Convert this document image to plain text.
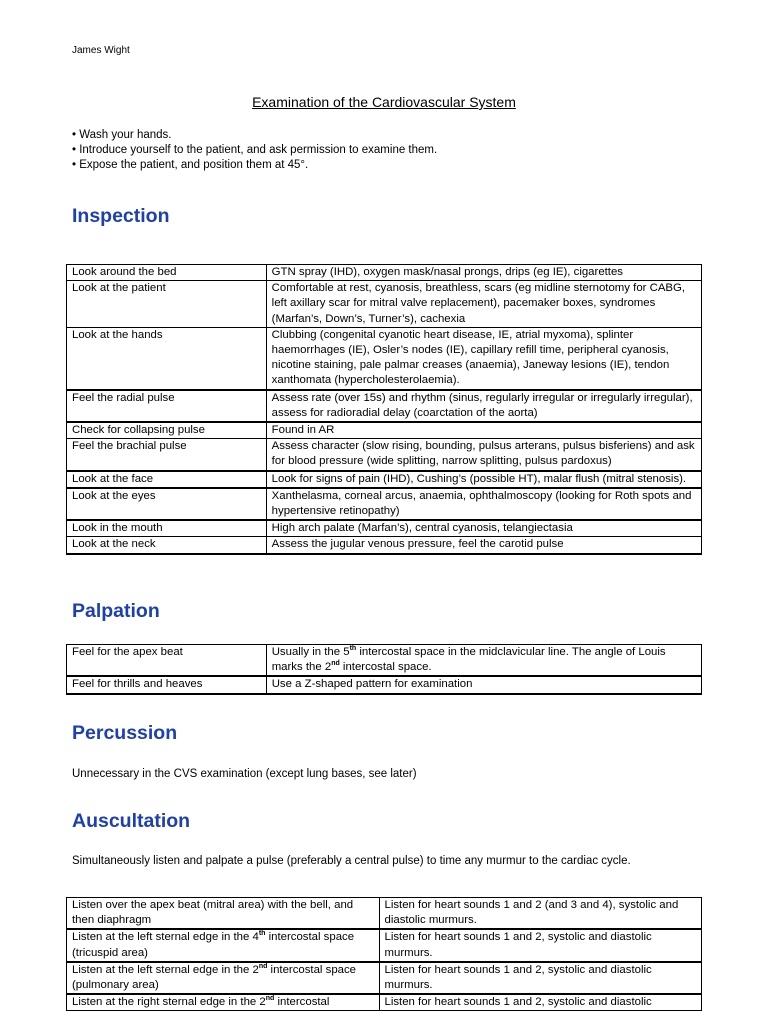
James Wight
Examination of the Cardiovascular System
• Wash your hands.
• Introduce yourself to the patient, and ask permission to examine them.
• Expose the patient, and position them at 45°.
Inspection
Look around the bed	GTN spray (IHD), oxygen mask/nasal prongs, drips (eg IE), cigarettes
Look at the patient	Comfortable at rest, cyanosis, breathless, scars (eg midline sternotomy for CABG, left axillary scar for mitral valve replacement), pacemaker boxes, syndromes (Marfan’s, Down’s, Turner’s), cachexia
Look at the hands	Clubbing (congenital cyanotic heart disease, IE, atrial myxoma), splinter haemorrhages (IE), Osler’s nodes (IE), capillary refill time, peripheral cyanosis, nicotine staining, pale palmar creases (anaemia), Janeway lesions (IE), tendon xanthomata (hypercholesterolaemia).
Feel the radial pulse	Assess rate (over 15s) and rhythm (sinus, regularly irregular or irregularly irregular), assess for radioradial delay (coarctation of the aorta)
Check for collapsing pulse	Found in AR
Feel the brachial pulse	Assess character (slow rising, bounding, pulsus arterans, pulsus bisferiens) and ask for blood pressure (wide splitting, narrow splitting, pulsus pardoxus)
Look at the face	Look for signs of pain (IHD), Cushing’s (possible HT), malar flush (mitral stenosis).
Look at the eyes	Xanthelasma, corneal arcus, anaemia, ophthalmoscopy (looking for Roth spots and hypertensive retinopathy)
Look in the mouth	High arch palate (Marfan’s), central cyanosis, telangiectasia
Look at the neck	Assess the jugular venous pressure, feel the carotid pulse
Palpation
Feel for the apex beat	Usually in the 5th intercostal space in the midclavicular line. The angle of Louis marks the 2nd intercostal space.
Feel for thrills and heaves	Use a Z-shaped pattern for examination
Percussion
Unnecessary in the CVS examination (except lung bases, see later)
Auscultation
Simultaneously listen and palpate a pulse (preferably a central pulse) to time any murmur to the cardiac cycle.
Listen over the apex beat (mitral area) with the bell, and then diaphragm	Listen for heart sounds 1 and 2 (and 3 and 4), systolic and diastolic murmurs.
Listen at the left sternal edge in the 4th intercostal space (tricuspid area)	Listen for heart sounds 1 and 2, systolic and diastolic murmurs.
Listen at the left sternal edge in the 2nd intercostal space (pulmonary area)	Listen for heart sounds 1 and 2, systolic and diastolic murmurs.
Listen at the right sternal edge in the 2nd intercostal	Listen for heart sounds 1 and 2, systolic and diastolic
